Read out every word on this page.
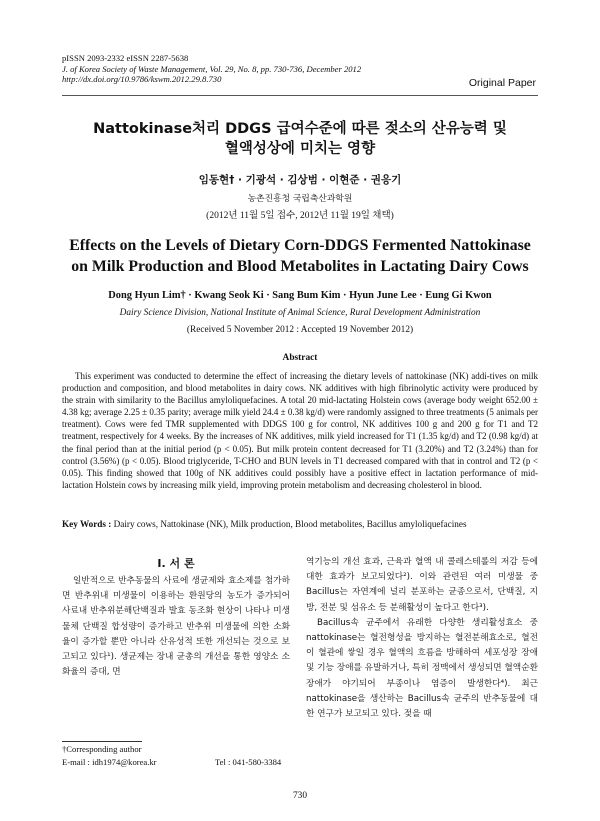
pISSN 2093-2332 eISSN 2287-5638
J. of Korea Society of Waste Management, Vol. 29, No. 8, pp. 730-736, December 2012
http://dx.doi.org/10.9786/kswm.2012.29.8.730	Original Paper
Nattokinase처리 DDGS 급여수준에 따른 젖소의 산유능력 및
혈액성상에 미치는 영향
임동현† · 기광석 · 김상범 · 이현준 · 권응기
농촌진흥청 국립축산과학원
(2012년 11월 5일 접수, 2012년 11월 19일 채택)
Effects on the Levels of Dietary Corn-DDGS Fermented Nattokinase
on Milk Production and Blood Metabolites in Lactating Dairy Cows
Dong Hyun Lim† · Kwang Seok Ki · Sang Bum Kim · Hyun June Lee · Eung Gi Kwon
Dairy Science Division, National Institute of Animal Science, Rural Development Administration
(Received 5 November 2012 : Accepted 19 November 2012)
Abstract

This experiment was conducted to determine the effect of increasing the dietary levels of nattokinase (NK) addi-tives on milk production and composition, and blood metabolites in dairy cows. NK additives with high fibrinolytic activity were produced by the strain with similarity to the Bacillus amyloliquefacines. A total 20 mid-lactating Holstein cows (average body weight 652.00 ± 4.38 kg; average 2.25 ± 0.35 parity; average milk yield 24.4 ± 0.38 kg/d) were randomly assigned to three treatments (5 animals per treatment). Cows were fed TMR supplemented with DDGS 100 g for control, NK additives 100 g and 200 g for T1 and T2 treatment, respectively for 4 weeks. By the increases of NK additives, milk yield increased for T1 (1.35 kg/d) and T2 (0.98 kg/d) at the final period than at the initial period (p < 0.05). But milk protein content decreased for T1 (3.20%) and T2 (3.24%) than for control (3.56%) (p < 0.05). Blood triglyceride, T-CHO and BUN levels in T1 decreased compared with that in control and T2 (p < 0.05). This finding showed that 100g of NK additives could possibly have a positive effect in lactation performance of mid-lactation Holstein cows by increasing milk yield, improving protein metabolism and decreasing cholesterol in blood.

Key Words : Dairy cows, Nattokinase (NK), Milk production, Blood metabolites, Bacillus amyloliquefacines
I. 서 론

일반적으로 반추동물의 사료에 생균제와 효소제를 첨가하면 반추위내 미생물이 이용하는 환원당의 농도가 증가되어 사료내 반추위분해단백질과 발효 동조화 현상이 나타나 미생물체 단백질 합성량이 증가하고 반추위 미생물에 의한 소화율이 증가할 뿐만 아니라 산유성적 또한 개선되는 것으로 보고되고 있다¹). 생균제는 장내 균총의 개선을 통한 영양소 소화율의 증대, 면

역기능의 개선 효과, 근육과 혈액 내 콜레스테롤의 저감 등에 대한 효과가 보고되었다²). 이와 관련된 여러 미생물 중 Bacillus는 자연계에 널리 분포하는 균종으로서, 단백질, 지방, 전분 및 섬유소 등 분해활성이 높다고 한다³).

Bacillus속 균주에서 유래한 다양한 생리활성효소 중 nattokinase는 혈전형성을 방지하는 혈전분해효소로, 혈전이 혈관에 쌓일 경우 혈액의 흐름을 방해하여 세포성장 장애 및 기능 장애를 유발하거나, 특히 정맥에서 생성되면 혈액순환장애가 야기되어 부종이나 염증이 발생한다⁴). 최근 nattokinase을 생산하는 Bacillus속 균주의 반추동물에 대한 연구가 보고되고 있다. 젖을 때

†Corresponding author
E-mail : idh1974@korea.kr	Tel : 041-580-3384
730
